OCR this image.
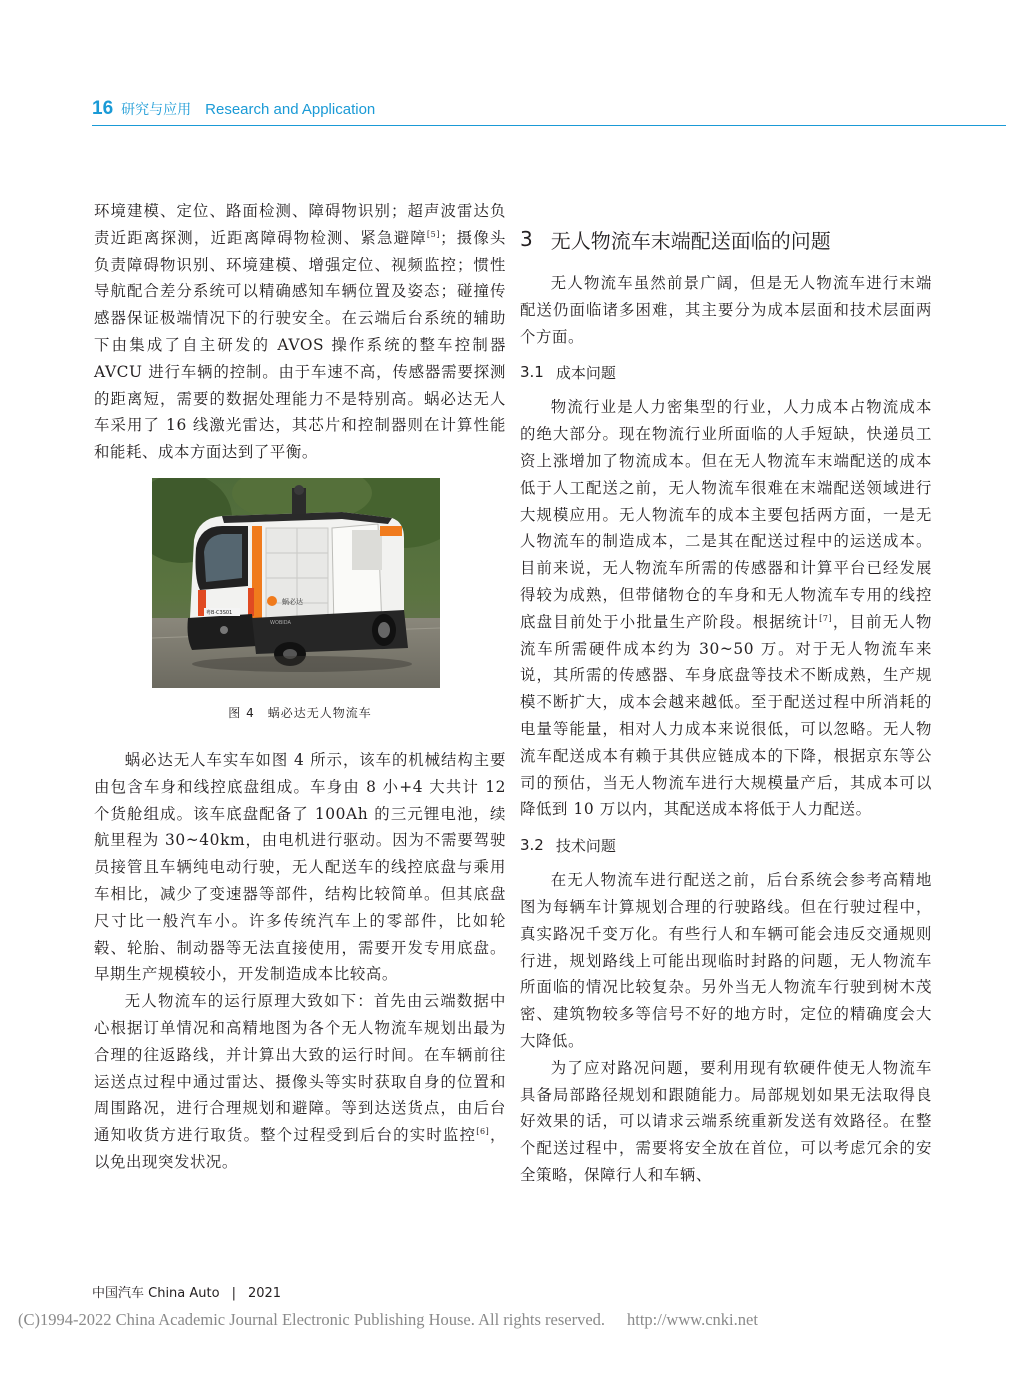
16 研究与应用 Research and Application

环境建模、定位、路面检测、障碍物识别；超声波雷达负责近距离探测，近距离障碍物检测、紧急避障[5]；摄像头负责障碍物识别、环境建模、增强定位、视频监控；惯性导航配合差分系统可以精确感知车辆位置及姿态；碰撞传感器保证极端情况下的行驶安全。在云端后台系统的辅助下由集成了自主研发的 AVOS 操作系统的整车控制器 AVCU 进行车辆的控制。由于车速不高，传感器需要探测的距离短，需要的数据处理能力不是特别高。蜗必达无人车采用了 16 线激光雷达，其芯片和控制器则在计算性能和能耗、成本方面达到了平衡。

蜗必达
粤B·C3S01
WOBIDA
图 4　蜗必达无人物流车

蜗必达无人车实车如图 4 所示，该车的机械结构主要由包含车身和线控底盘组成。车身由 8 小+4 大共计 12 个货舱组成。该车底盘配备了 100Ah 的三元锂电池，续航里程为 30~40km，由电机进行驱动。因为不需要驾驶员接管且车辆纯电动行驶，无人配送车的线控底盘与乘用车相比，减少了变速器等部件，结构比较简单。但其底盘尺寸比一般汽车小。许多传统汽车上的零部件，比如轮毂、轮胎、制动器等无法直接使用，需要开发专用底盘。早期生产规模较小，开发制造成本比较高。

无人物流车的运行原理大致如下：首先由云端数据中心根据订单情况和高精地图为各个无人物流车规划出最为合理的往返路线，并计算出大致的运行时间。在车辆前往运送点过程中通过雷达、摄像头等实时获取自身的位置和周围路况，进行合理规划和避障。等到达送货点，由后台通知收货方进行取货。整个过程受到后台的实时监控[6]，以免出现突发状况。

3 无人物流车末端配送面临的问题

无人物流车虽然前景广阔，但是无人物流车进行末端配送仍面临诸多困难，其主要分为成本层面和技术层面两个方面。

3.1 成本问题

物流行业是人力密集型的行业，人力成本占物流成本的绝大部分。现在物流行业所面临的人手短缺，快递员工资上涨增加了物流成本。但在无人物流车末端配送的成本低于人工配送之前，无人物流车很难在末端配送领域进行大规模应用。无人物流车的成本主要包括两方面，一是无人物流车的制造成本，二是其在配送过程中的运送成本。目前来说，无人物流车所需的传感器和计算平台已经发展得较为成熟，但带储物仓的车身和无人物流车专用的线控底盘目前处于小批量生产阶段。根据统计[7]，目前无人物流车所需硬件成本约为 30~50 万。对于无人物流车来说，其所需的传感器、车身底盘等技术不断成熟，生产规模不断扩大，成本会越来越低。至于配送过程中所消耗的电量等能量，相对人力成本来说很低，可以忽略。无人物流车配送成本有赖于其供应链成本的下降，根据京东等公司的预估，当无人物流车进行大规模量产后，其成本可以降低到 10 万以内，其配送成本将低于人力配送。

3.2 技术问题

在无人物流车进行配送之前，后台系统会参考高精地图为每辆车计算规划合理的行驶路线。但在行驶过程中，真实路况千变万化。有些行人和车辆可能会违反交通规则行进，规划路线上可能出现临时封路的问题，无人物流车所面临的情况比较复杂。另外当无人物流车行驶到树木茂密、建筑物较多等信号不好的地方时，定位的精确度会大大降低。

为了应对路况问题，要利用现有软硬件使无人物流车具备局部路径规划和跟随能力。局部规划如果无法取得良好效果的话，可以请求云端系统重新发送有效路径。在整个配送过程中，需要将安全放在首位，可以考虑冗余的安全策略，保障行人和车辆、

中国汽车 China Auto | 2021
(C)1994-2022 China Academic Journal Electronic Publishing House. All rights reserved. http://www.cnki.net
